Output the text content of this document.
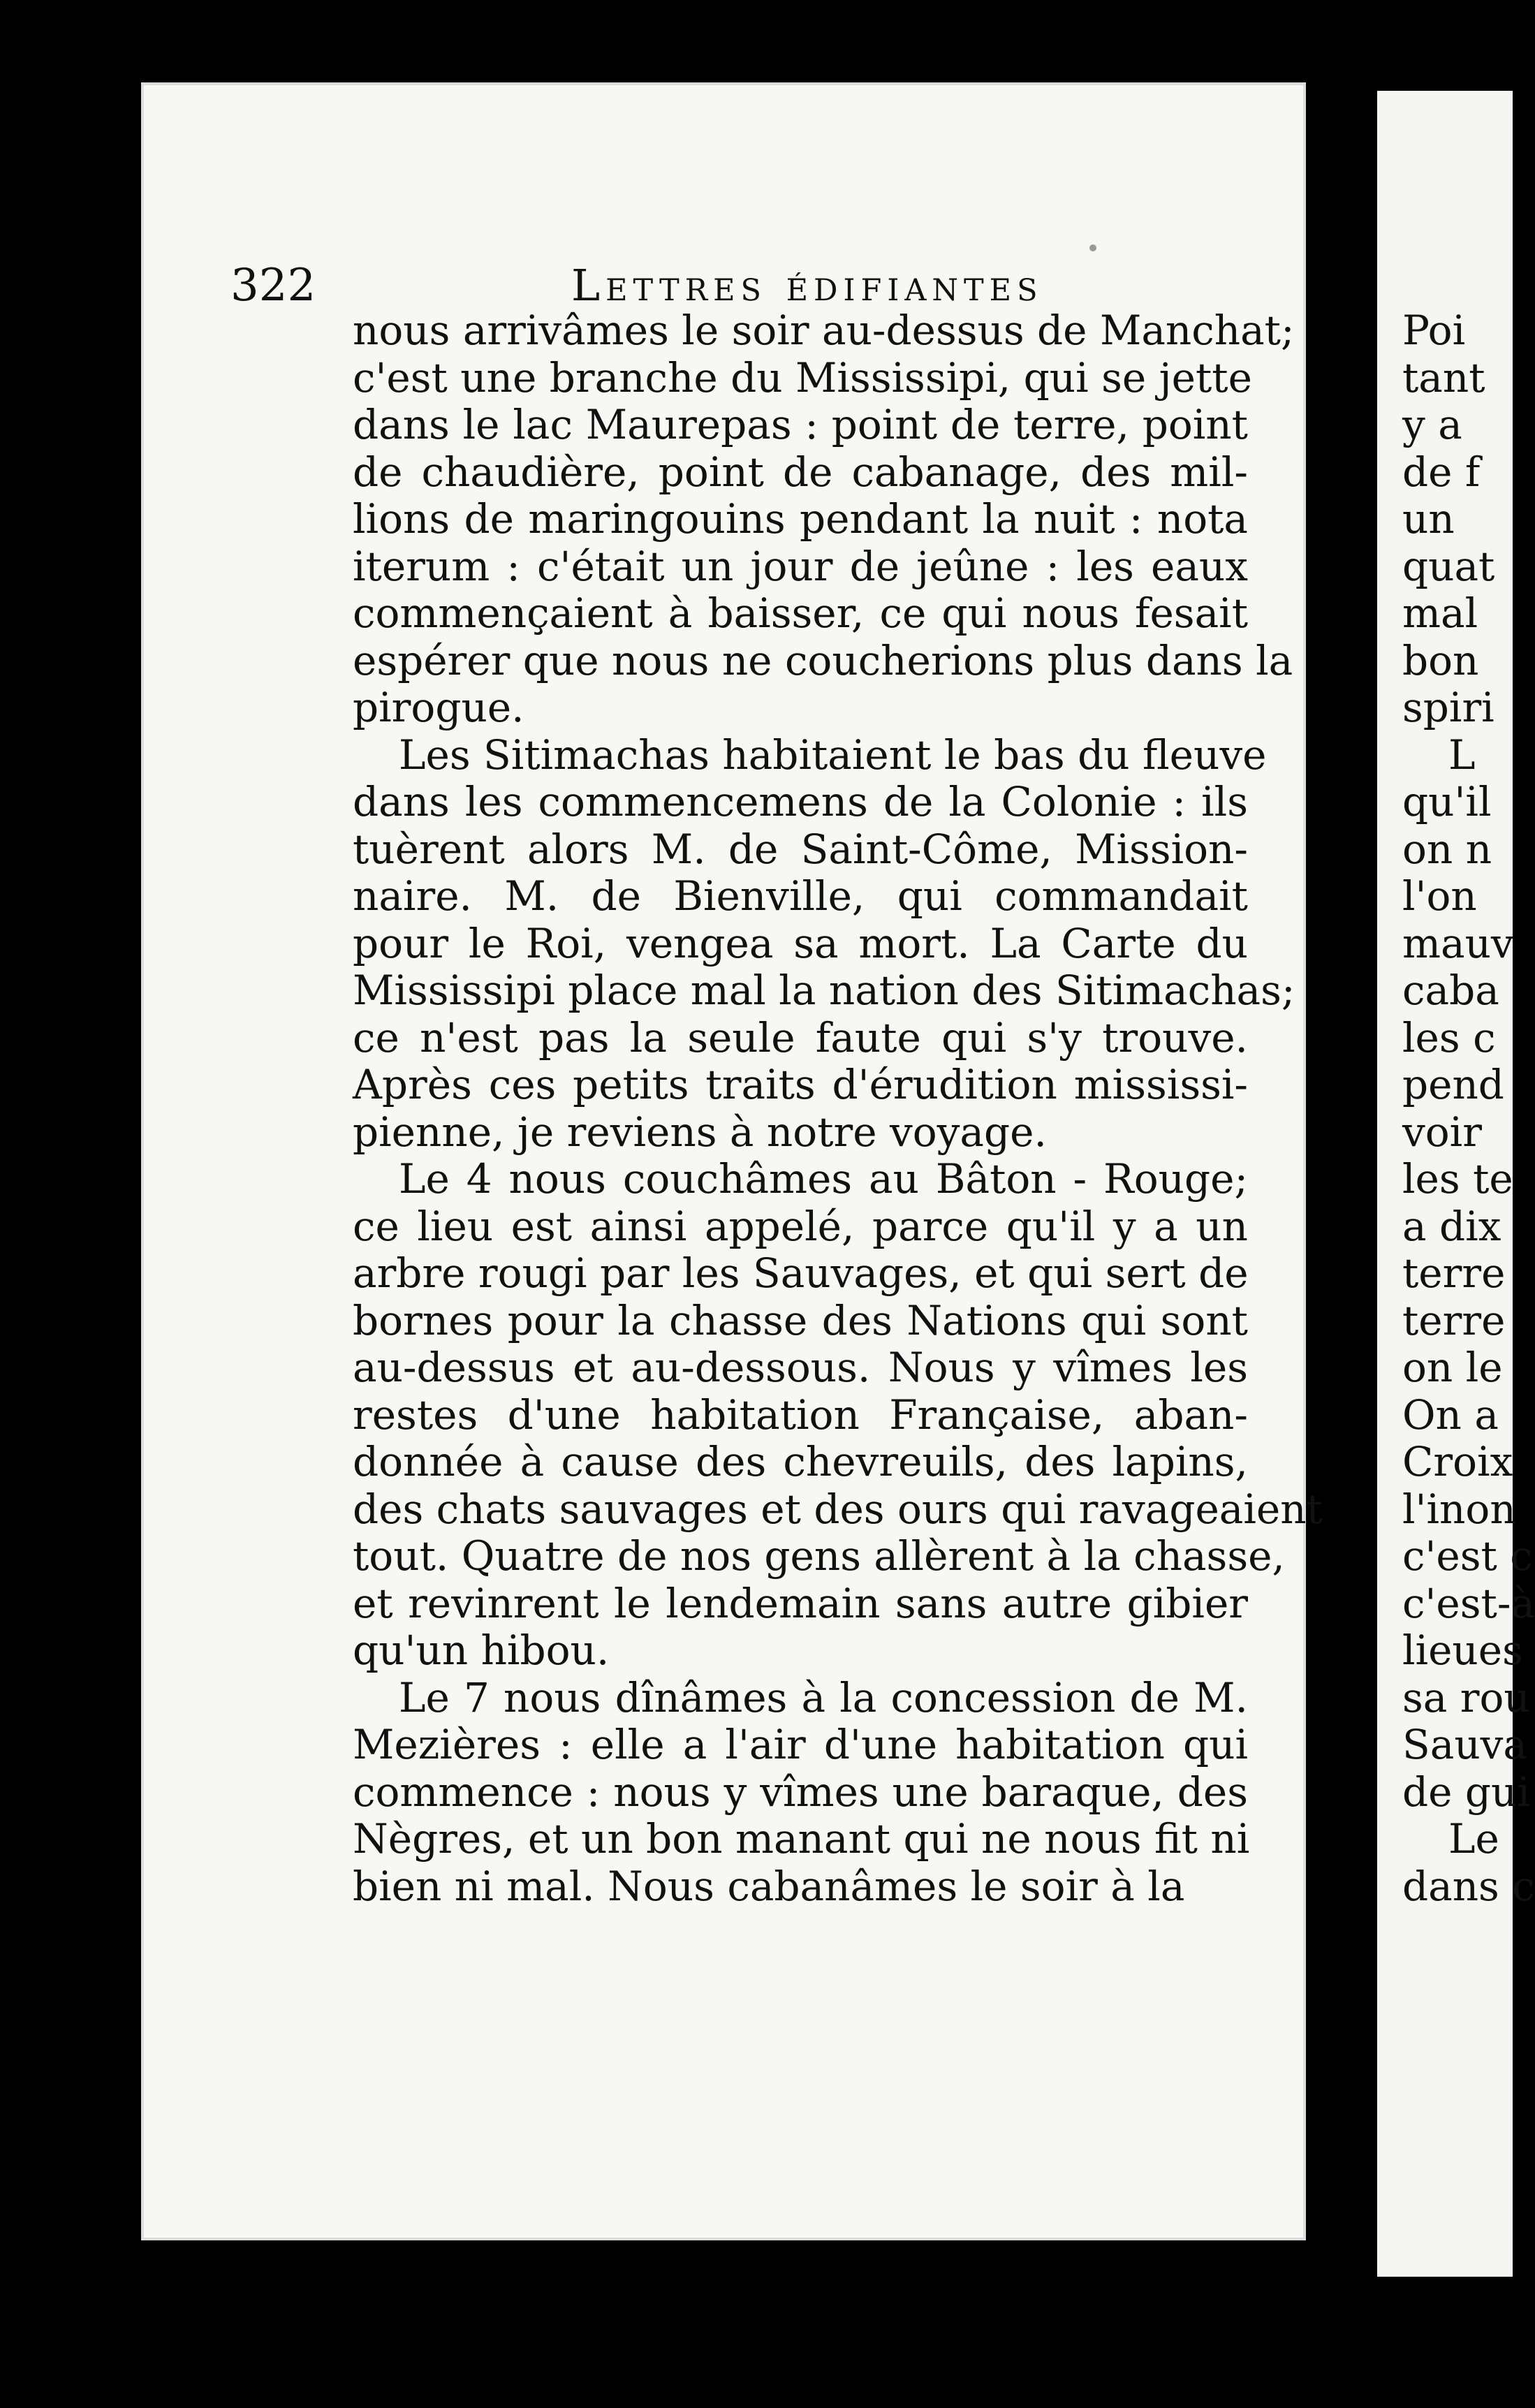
322	Lettres édifiantes
nous arrivâmes le soir au-dessus de Manchat;
c'est une branche du Mississipi, qui se jette
dans le lac Maurepas : point de terre, point
de chaudière, point de cabanage, des mil-
lions de maringouins pendant la nuit : nota
iterum : c'était un jour de jeûne : les eaux
commençaient à baisser, ce qui nous fesait
espérer que nous ne coucherions plus dans la
pirogue.
Les Sitimachas habitaient le bas du fleuve
dans les commencemens de la Colonie : ils
tuèrent alors M. de Saint-Côme, Mission-
naire. M. de Bienville, qui commandait
pour le Roi, vengea sa mort. La Carte du
Mississipi place mal la nation des Sitimachas;
ce n'est pas la seule faute qui s'y trouve.
Après ces petits traits d'érudition mississi-
pienne, je reviens à notre voyage.
Le 4 nous couchâmes au Bâton - Rouge;
ce lieu est ainsi appelé, parce qu'il y a un
arbre rougi par les Sauvages, et qui sert de
bornes pour la chasse des Nations qui sont
au-dessus et au-dessous. Nous y vîmes les
restes d'une habitation Française, aban-
donnée à cause des chevreuils, des lapins,
des chats sauvages et des ours qui ravageaient
tout. Quatre de nos gens allèrent à la chasse,
et revinrent le lendemain sans autre gibier
qu'un hibou.
Le 7 nous dînâmes à la concession de M.
Mezières : elle a l'air d'une habitation qui
commence : nous y vîmes une baraque, des
Nègres, et un bon manant qui ne nous fit ni
bien ni mal. Nous cabanâmes le soir à la
Poi
tant
y a
de f
un
quat
mal
bon
spiri
L
qu'il
on n
l'on
mauv
caba
les c
pend
voir
les te
a dix
terre
terre
on le
On a
Croix
l'inon
c'est c
c'est-à
lieues
sa rou
Sauva
de gui
Le
dans c
